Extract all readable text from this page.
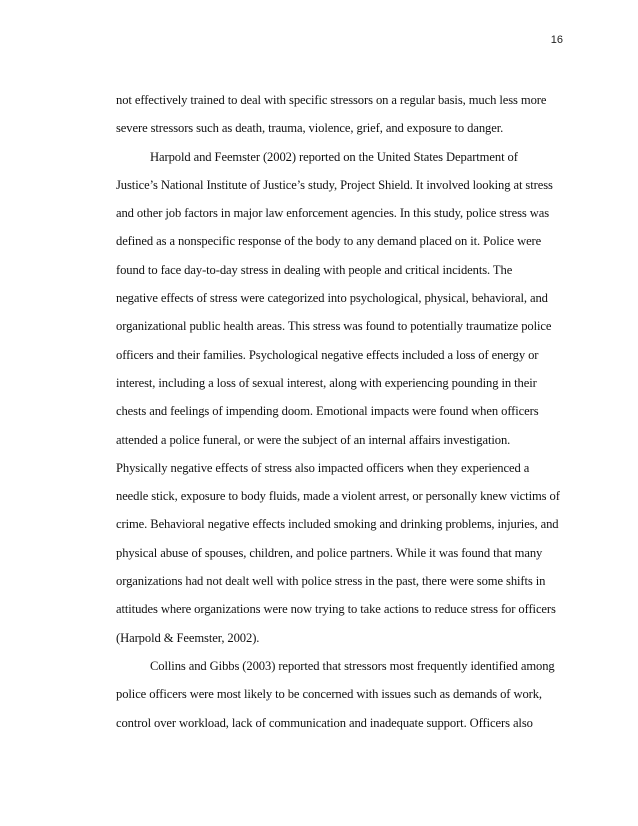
16
not effectively trained to deal with specific stressors on a regular basis, much less more
severe stressors such as death, trauma, violence, grief, and exposure to danger.
Harpold and Feemster (2002) reported on the United States Department of
Justice’s National Institute of Justice’s study, Project Shield. It involved looking at stress
and other job factors in major law enforcement agencies. In this study, police stress was
defined as a nonspecific response of the body to any demand placed on it. Police were
found to face day-to-day stress in dealing with people and critical incidents. The
negative effects of stress were categorized into psychological, physical, behavioral, and
organizational public health areas. This stress was found to potentially traumatize police
officers and their families. Psychological negative effects included a loss of energy or
interest, including a loss of sexual interest, along with experiencing pounding in their
chests and feelings of impending doom. Emotional impacts were found when officers
attended a police funeral, or were the subject of an internal affairs investigation.
Physically negative effects of stress also impacted officers when they experienced a
needle stick, exposure to body fluids, made a violent arrest, or personally knew victims of
crime. Behavioral negative effects included smoking and drinking problems, injuries, and
physical abuse of spouses, children, and police partners. While it was found that many
organizations had not dealt well with police stress in the past, there were some shifts in
attitudes where organizations were now trying to take actions to reduce stress for officers
(Harpold & Feemster, 2002).
Collins and Gibbs (2003) reported that stressors most frequently identified among
police officers were most likely to be concerned with issues such as demands of work,
control over workload, lack of communication and inadequate support. Officers also
